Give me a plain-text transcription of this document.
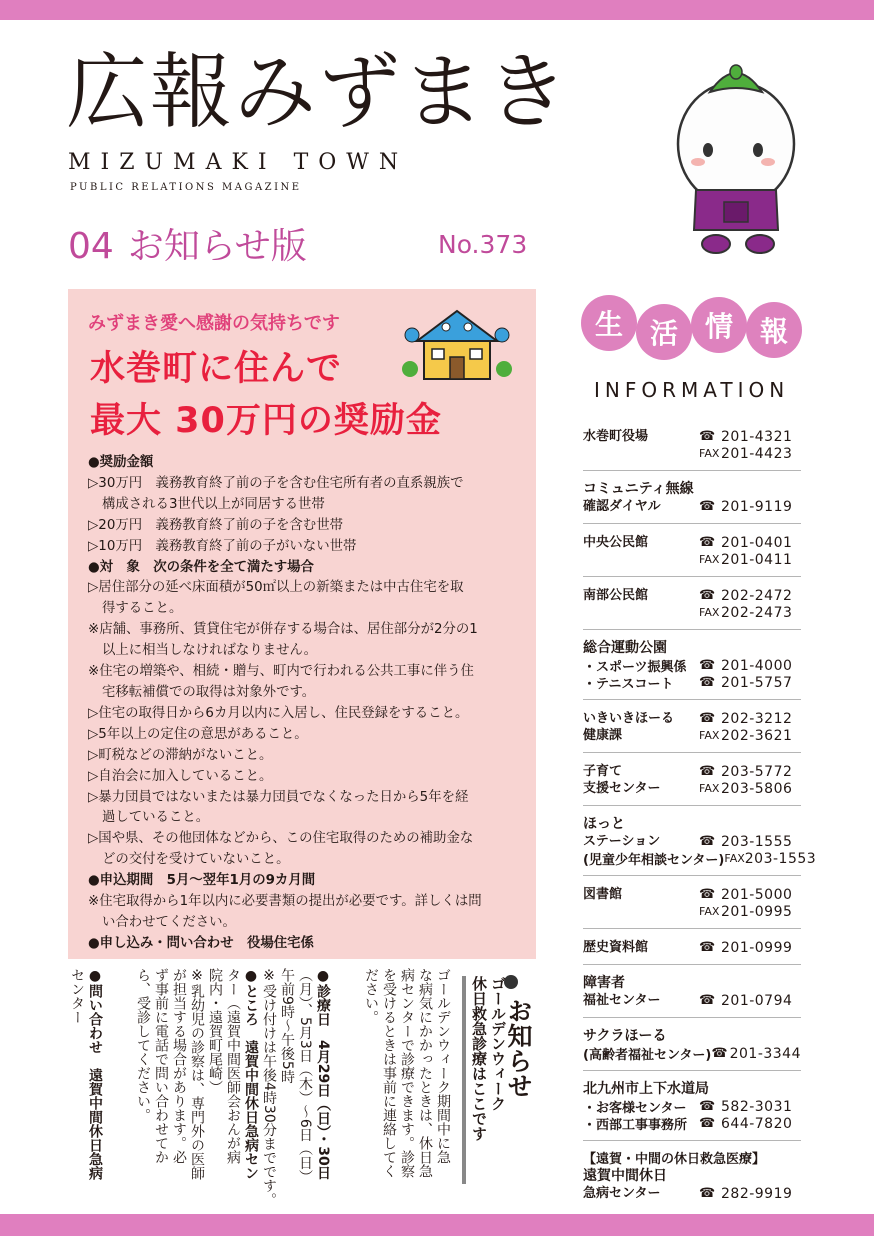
広報みずまき
MIZUMAKI TOWN
PUBLIC RELATIONS MAGAZINE
04 お知らせ版	No.373
みずまき愛へ感謝の気持ちです
水巻町に住んで
最大 30万円の奨励金
●奨励金額
▷30万円　義務教育終了前の子を含む住宅所有者の直系親族で
構成される3世代以上が同居する世帯
▷20万円　義務教育終了前の子を含む世帯
▷10万円　義務教育終了前の子がいない世帯
●対　象　次の条件を全て満たす場合
▷居住部分の延べ床面積が50㎡以上の新築または中古住宅を取
得すること。
※店舗、事務所、賃貸住宅が併存する場合は、居住部分が2分の1
以上に相当しなければなりません。
※住宅の増築や、相続・贈与、町内で行われる公共工事に伴う住
宅移転補償での取得は対象外です。
▷住宅の取得日から6カ月以内に入居し、住民登録をすること。
▷5年以上の定住の意思があること。
▷町税などの滞納がないこと。
▷自治会に加入していること。
▷暴力団員ではないまたは暴力団員でなくなった日から5年を経
過していること。
▷国や県、その他団体などから、この住宅取得のための補助金な
どの交付を受けていないこと。
●申込期間　5月～翌年1月の9カ月間
※住宅取得から1年以内に必要書類の提出が必要です。詳しくは問
い合わせてください。
●申し込み・問い合わせ　役場住宅係
お知らせ
ゴールデンウィーク
休日救急診療はここです
ゴールデンウィーク期間中に急
な病気にかかったときは、休日急
病センターで診療できます。診察
を受けるときは事前に連絡してく
ださい。
●診療日　4月29日（日）・30日
（月）、5月3日（木）～6日（日）
午前9時～午後5時
※受け付けは午後4時30分までです。
●ところ　遠賀中間休日急病セン
ター（遠賀中間医師会おんが病
院内・遠賀町尾崎）
※乳幼児の診察は、専門外の医師
が担当する場合があります。必
ず事前に電話で問い合わせてか
ら、受診してください。
●問い合わせ　遠賀中間休日急病
センター
生 活 情 報
INFORMATION
水巻町役場	☎ 201-4321
FAX 201-4423
コミュニティ無線
確認ダイヤル	☎ 201-9119
中央公民館	☎ 201-0401
FAX 201-0411
南部公民館	☎ 202-2472
FAX 202-2473
総合運動公園
・スポーツ振興係 ☎ 201-4000
・テニスコート	☎ 201-5757
いきいきほーる	☎ 202-3212
健康課	FAX 202-3621
子育て	☎ 203-5772
支援センター	FAX 203-5806
ほっと
ステーション	☎ 203-1555
(児童少年相談センター) FAX 203-1553
図書館	☎ 201-5000
FAX 201-0995
歴史資料館	☎ 201-0999
障害者
福祉センター	☎ 201-0794
サクラほーる
(高齢者福祉センター) ☎ 201-3344
北九州市上下水道局
・お客様センター ☎ 582-3031
・西部工事事務所 ☎ 644-7820
【遠賀・中間の休日救急医療】
遠賀中間休日
急病センター	☎ 282-9919
